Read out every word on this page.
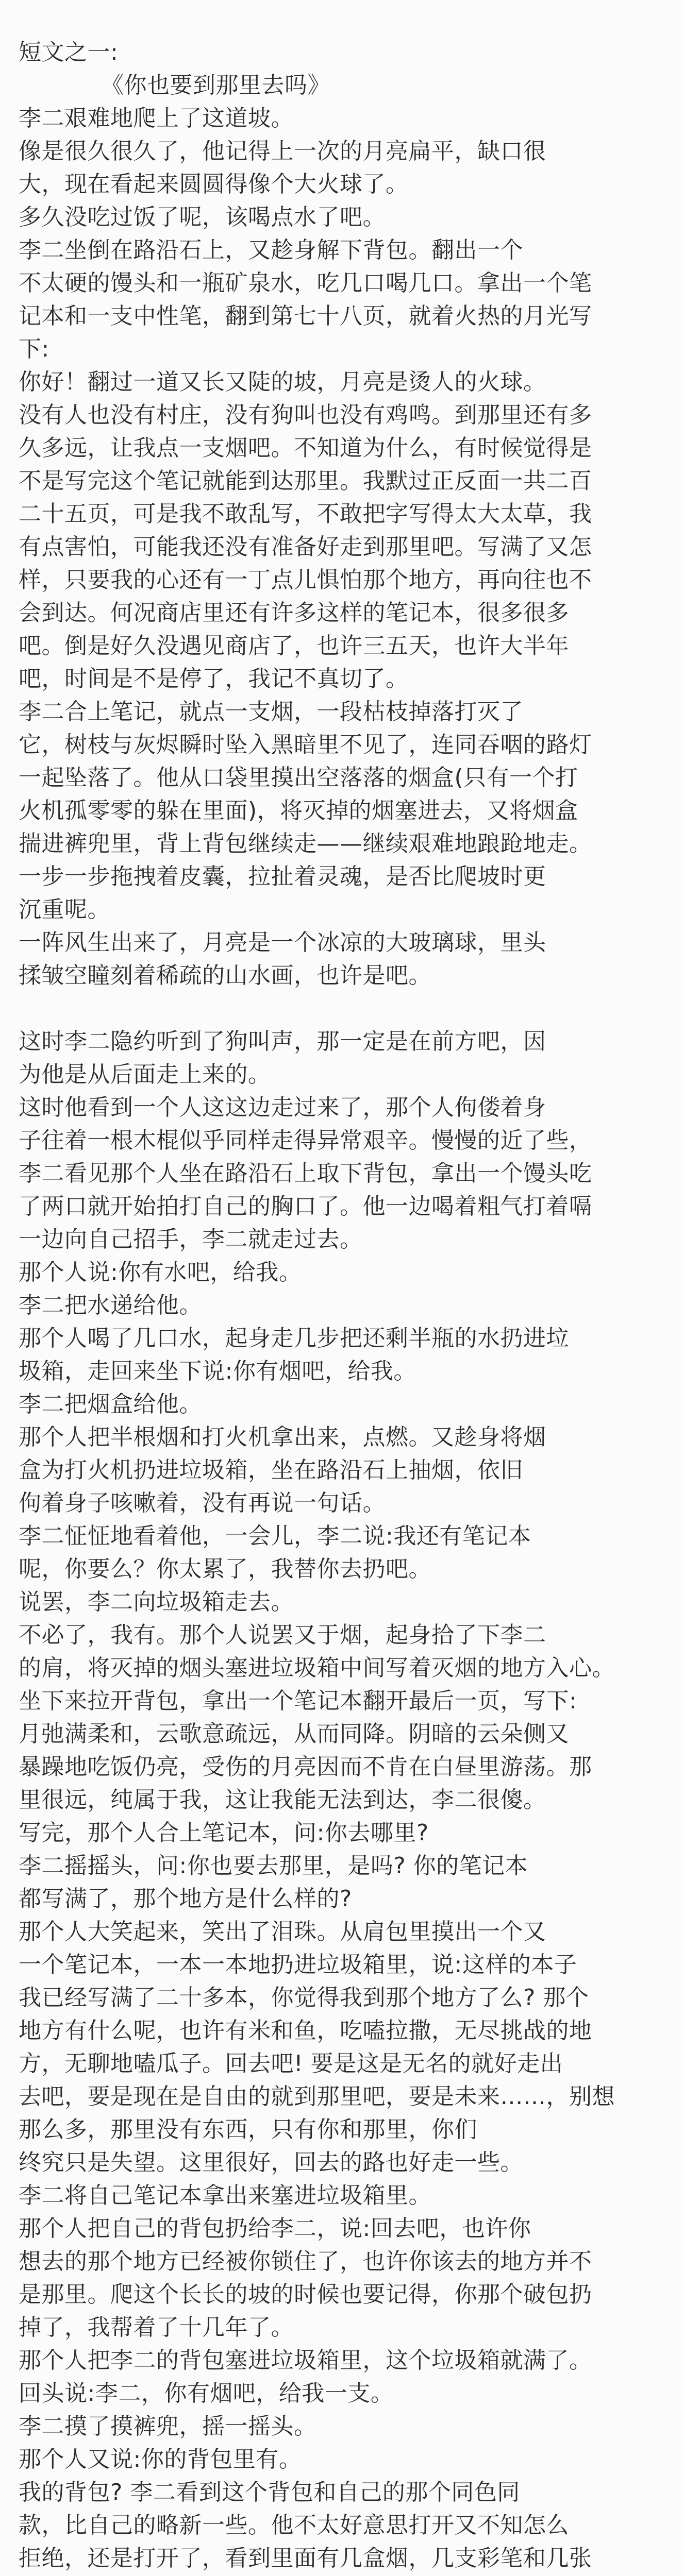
短文之一:
《你也要到那里去吗》
李二艰难地爬上了这道坡。
像是很久很久了，他记得上一次的月亮扁平，缺口很
大，现在看起来圆圆得像个大火球了。
多久没吃过饭了呢，该喝点水了吧。
李二坐倒在路沿石上，又趁身解下背包。翻出一个
不太硬的馒头和一瓶矿泉水，吃几口喝几口。拿出一个笔
记本和一支中性笔，翻到第七十八页，就着火热的月光写
下:
你好！翻过一道又长又陡的坡，月亮是烫人的火球。
没有人也没有村庄，没有狗叫也没有鸡鸣。到那里还有多
久多远，让我点一支烟吧。不知道为什么，有时候觉得是
不是写完这个笔记就能到达那里。我默过正反面一共二百
二十五页，可是我不敢乱写，不敢把字写得太大太草，我
有点害怕，可能我还没有准备好走到那里吧。写满了又怎
样，只要我的心还有一丁点儿惧怕那个地方，再向往也不
会到达。何况商店里还有许多这样的笔记本，很多很多
吧。倒是好久没遇见商店了，也许三五天，也许大半年
吧，时间是不是停了，我记不真切了。
李二合上笔记，就点一支烟，一段枯枝掉落打灭了
它，树枝与灰烬瞬时坠入黑暗里不见了，连同吞咽的路灯
一起坠落了。他从口袋里摸出空落落的烟盒(只有一个打
火机孤零零的躲在里面)，将灭掉的烟塞进去，又将烟盒
揣进裤兜里，背上背包继续走——继续艰难地踉跄地走。
一步一步拖拽着皮囊，拉扯着灵魂，是否比爬坡时更
沉重呢。
一阵风生出来了，月亮是一个冰凉的大玻璃球，里头
揉皱空瞳刻着稀疏的山水画，也许是吧。

这时李二隐约听到了狗叫声，那一定是在前方吧，因
为他是从后面走上来的。
这时他看到一个人这这边走过来了，那个人佝偻着身
子往着一根木棍似乎同样走得异常艰辛。慢慢的近了些，
李二看见那个人坐在路沿石上取下背包，拿出一个馒头吃
了两口就开始拍打自己的胸口了。他一边喝着粗气打着嗝
一边向自己招手，李二就走过去。
那个人说:你有水吧，给我。
李二把水递给他。
那个人喝了几口水，起身走几步把还剩半瓶的水扔进垃
圾箱，走回来坐下说:你有烟吧，给我。
李二把烟盒给他。
那个人把半根烟和打火机拿出来，点燃。又趁身将烟
盒为打火机扔进垃圾箱，坐在路沿石上抽烟，依旧
佝着身子咳嗽着，没有再说一句话。
李二怔怔地看着他，一会儿，李二说:我还有笔记本
呢，你要么？你太累了，我替你去扔吧。
说罢，李二向垃圾箱走去。
不必了，我有。那个人说罢又于烟，起身拾了下李二
的肩，将灭掉的烟头塞进垃圾箱中间写着灭烟的地方入心。
坐下来拉开背包，拿出一个笔记本翻开最后一页，写下:
月弛满柔和，云歌意疏远，从而同降。阴暗的云朵侧又
暴躁地吃饭仍亮，受伤的月亮因而不肯在白昼里游荡。那
里很远，纯属于我，这让我能无法到达，李二很傻。
写完，那个人合上笔记本，问:你去哪里?
李二摇摇头，问:你也要去那里，是吗? 你的笔记本
都写满了，那个地方是什么样的?
那个人大笑起来，笑出了泪珠。从肩包里摸出一个又
一个笔记本，一本一本地扔进垃圾箱里，说:这样的本子
我已经写满了二十多本，你觉得我到那个地方了么? 那个
地方有什么呢，也许有米和鱼，吃嗑拉撒，无尽挑战的地
方，无聊地嗑瓜子。回去吧! 要是这是无名的就好走出
去吧，要是现在是自由的就到那里吧，要是未来……，别想
那么多，那里没有东西，只有你和那里，你们
终究只是失望。这里很好，回去的路也好走一些。
李二将自己笔记本拿出来塞进垃圾箱里。
那个人把自己的背包扔给李二，说:回去吧，也许你
想去的那个地方已经被你锁住了，也许你该去的地方并不
是那里。爬这个长长的坡的时候也要记得，你那个破包扔
掉了，我帮着了十几年了。
那个人把李二的背包塞进垃圾箱里，这个垃圾箱就满了。
回头说:李二，你有烟吧，给我一支。
李二摸了摸裤兜，摇一摇头。
那个人又说:你的背包里有。
我的背包? 李二看到这个背包和自己的那个同色同
款，比自己的略新一些。他不太好意思打开又不知怎么
拒绝，还是打开了，看到里面有几盒烟，几支彩笔和几张
